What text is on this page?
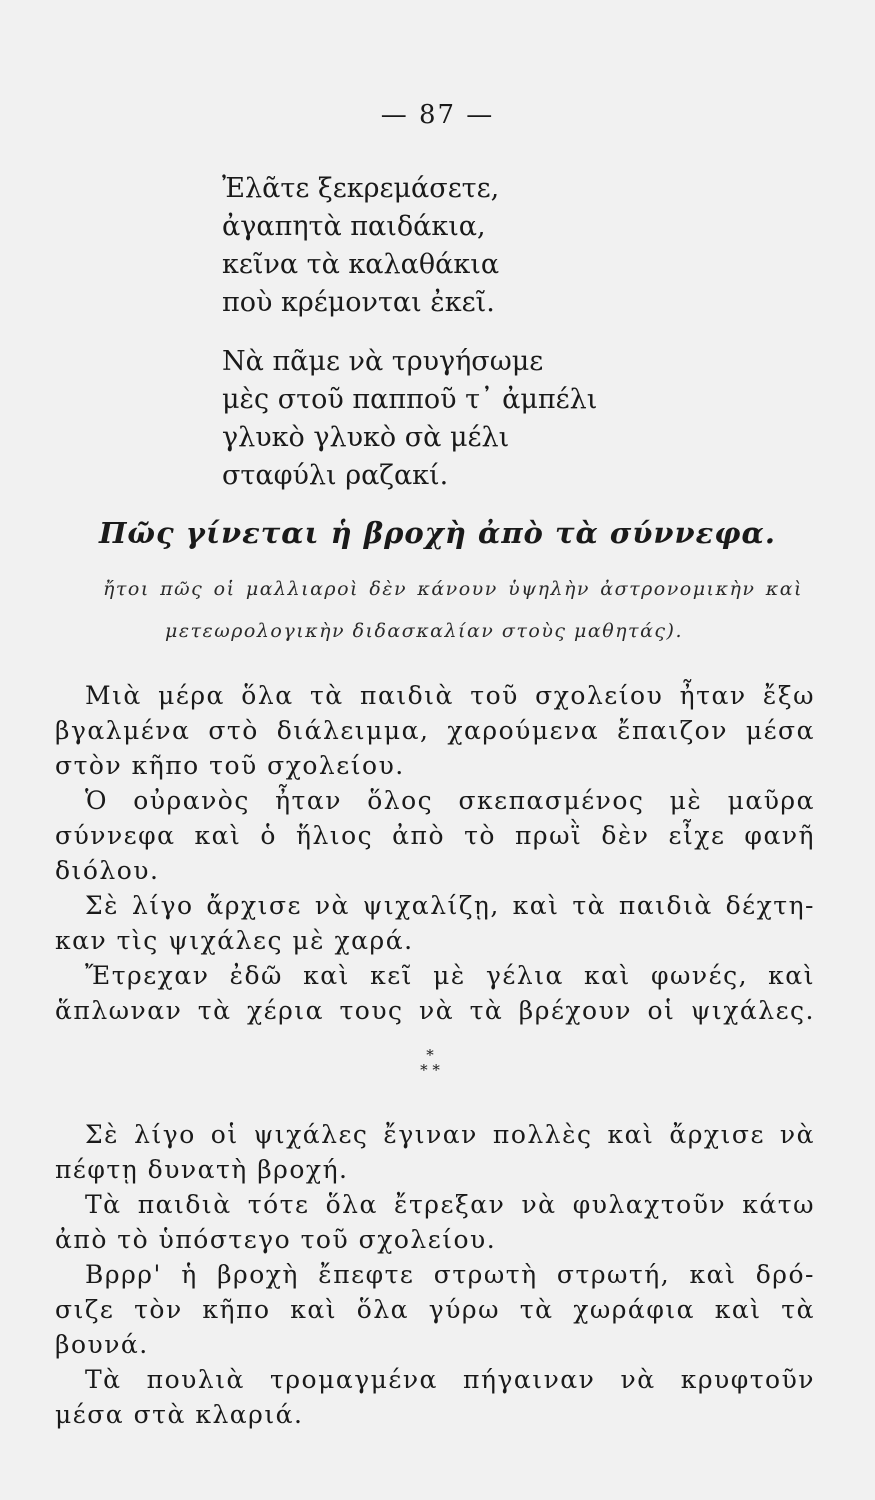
— 87 —
Ἐλᾶτε ξεκρεμάσετε,
ἀγαπητὰ παιδάκια,
κεῖνα τὰ καλαθάκια
ποὺ κρέμονται ἐκεῖ.
Νὰ πᾶμε νὰ τρυγήσωμε
μὲς στοῦ παπποῦ τ᾽ ἀμπέλι
γλυκὸ γλυκὸ σὰ μέλι
σταφύλι ραζακί.
Πῶς γίνεται ἡ βροχὴ ἀπὸ τὰ σύννεφα.
ἤτοι πῶς οἱ μαλλιαροὶ δὲν κάνουν ὑψηλὴν ἀστρονομικὴν καὶ
μετεωρολογικὴν διδασκαλίαν στοὺς μαθητάς).
Μιὰ μέρα ὅλα τὰ παιδιὰ τοῦ σχολείου ἦταν ἔξω
βγαλμένα στὸ διάλειμμα, χαρούμενα ἔπαιζον μέσα
στὸν κῆπο τοῦ σχολείου.
Ὁ οὐρανὸς ἦταν ὅλος σκεπασμένος μὲ μαῦρα
σύννεφα καὶ ὁ ἥλιος ἀπὸ τὸ πρωῒ δὲν εἶχε φανῆ
διόλου.
Σὲ λίγο ἄρχισε νὰ ψιχαλίζῃ, καὶ τὰ παιδιὰ δέχτη-
καν τὶς ψιχάλες μὲ χαρά.
Ἔτρεχαν ἐδῶ καὶ κεῖ μὲ γέλια καὶ φωνές, καὶ
ἅπλωναν τὰ χέρια τους νὰ τὰ βρέχουν οἱ ψιχάλες.
*
* *
Σὲ λίγο οἱ ψιχάλες ἔγιναν πολλὲς καὶ ἄρχισε νὰ
πέφτῃ δυνατὴ βροχή.
Τὰ παιδιὰ τότε ὅλα ἔτρεξαν νὰ φυλαχτοῦν κάτω
ἀπὸ τὸ ὑπόστεγο τοῦ σχολείου.
Βρρρ' ἡ βροχὴ ἔπεφτε στρωτὴ στρωτή, καὶ δρό-
σιζε τὸν κῆπο καὶ ὅλα γύρω τὰ χωράφια καὶ τὰ
βουνά.
Τὰ πουλιὰ τρομαγμένα πήγαιναν νὰ κρυφτοῦν
μέσα στὰ κλαριά.
